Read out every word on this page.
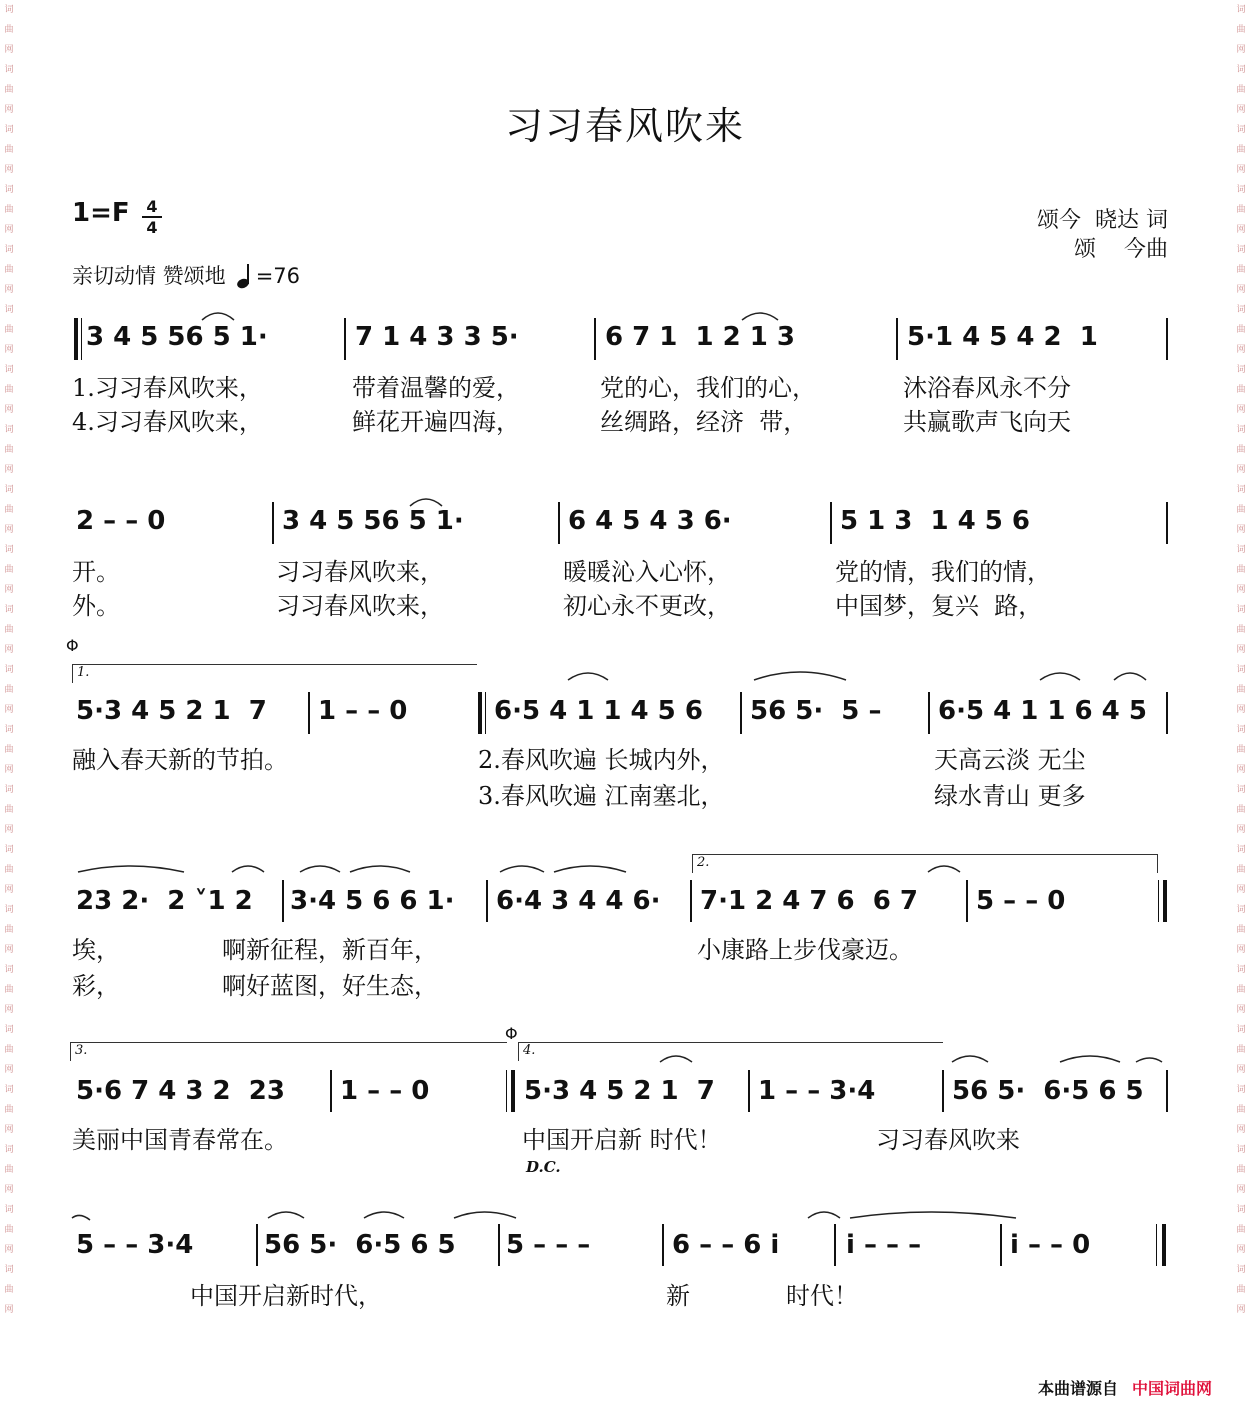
词曲网词曲网词曲网词曲网词曲网词曲网词曲网词曲网词曲网词曲网词曲网词曲网词曲网词曲网词曲网词曲网词曲网词曲网词曲网词曲网词曲网词曲网
词曲网词曲网词曲网词曲网词曲网词曲网词曲网词曲网词曲网词曲网词曲网词曲网词曲网词曲网词曲网词曲网词曲网词曲网词曲网词曲网词曲网词曲网
习习春风吹来
1=F 4
4	颂今  晓达 词
颂    今曲
亲切动情 赞颂地 =76
3 4 5 56 5 1·	7 1 4 3 3 5·	6 7 1  1 2 1 3	5·1 4 5 4 2  1
1.习习春风吹来，	带着温馨的爱，	党的心，我们的心，	沐浴春风永不分
4.习习春风吹来，	鲜花开遍四海，	丝绸路，经济  带，	共赢歌声飞向天
2 – – 0	3 4 5 56 5 1·	6 4 5 4 3 6·	5 1 3  1 4 5 6
开。	习习春风吹来，	暖暖沁入心怀，	党的情，我们的情，
外。	习习春风吹来，	初心永不更改，	中国梦，复兴  路，
Φ
1.
5·3 4 5 2 1  7 1 – – 0	6·5 4 1 1 4 5 6 56 5·  5 – 6·5 4 1 1 6 4 5
融入春天新的节拍。	2.春风吹遍 长城内外，	天高云淡 无尘
3.春风吹遍 江南塞北，	绿水青山 更多
2.
23 2·  2 ˅1 2 3·4 5 6 6 1· 6·4 3 4 4 6· 7·1 2 4 7 6  6 7 5 – – 0
埃，	啊新征程，新百年，	小康路上步伐豪迈。
彩，	啊好蓝图，好生态，
Φ
3.	4.
5·6 7 4 3 2  23 1 – – 0	5·3 4 5 2 1  7 1 – – 3·4	56 5·  6·5 6 5
美丽中国青春常在。	中国开启新 时代！	习习春风吹来
D.C.
5 – – 3·4	56 5·  6·5 6 5 5 – – –	6 – – 6 i	i – – –	i – – 0
中国开启新时代，	新	时代！
本曲谱源自 中国词曲网
